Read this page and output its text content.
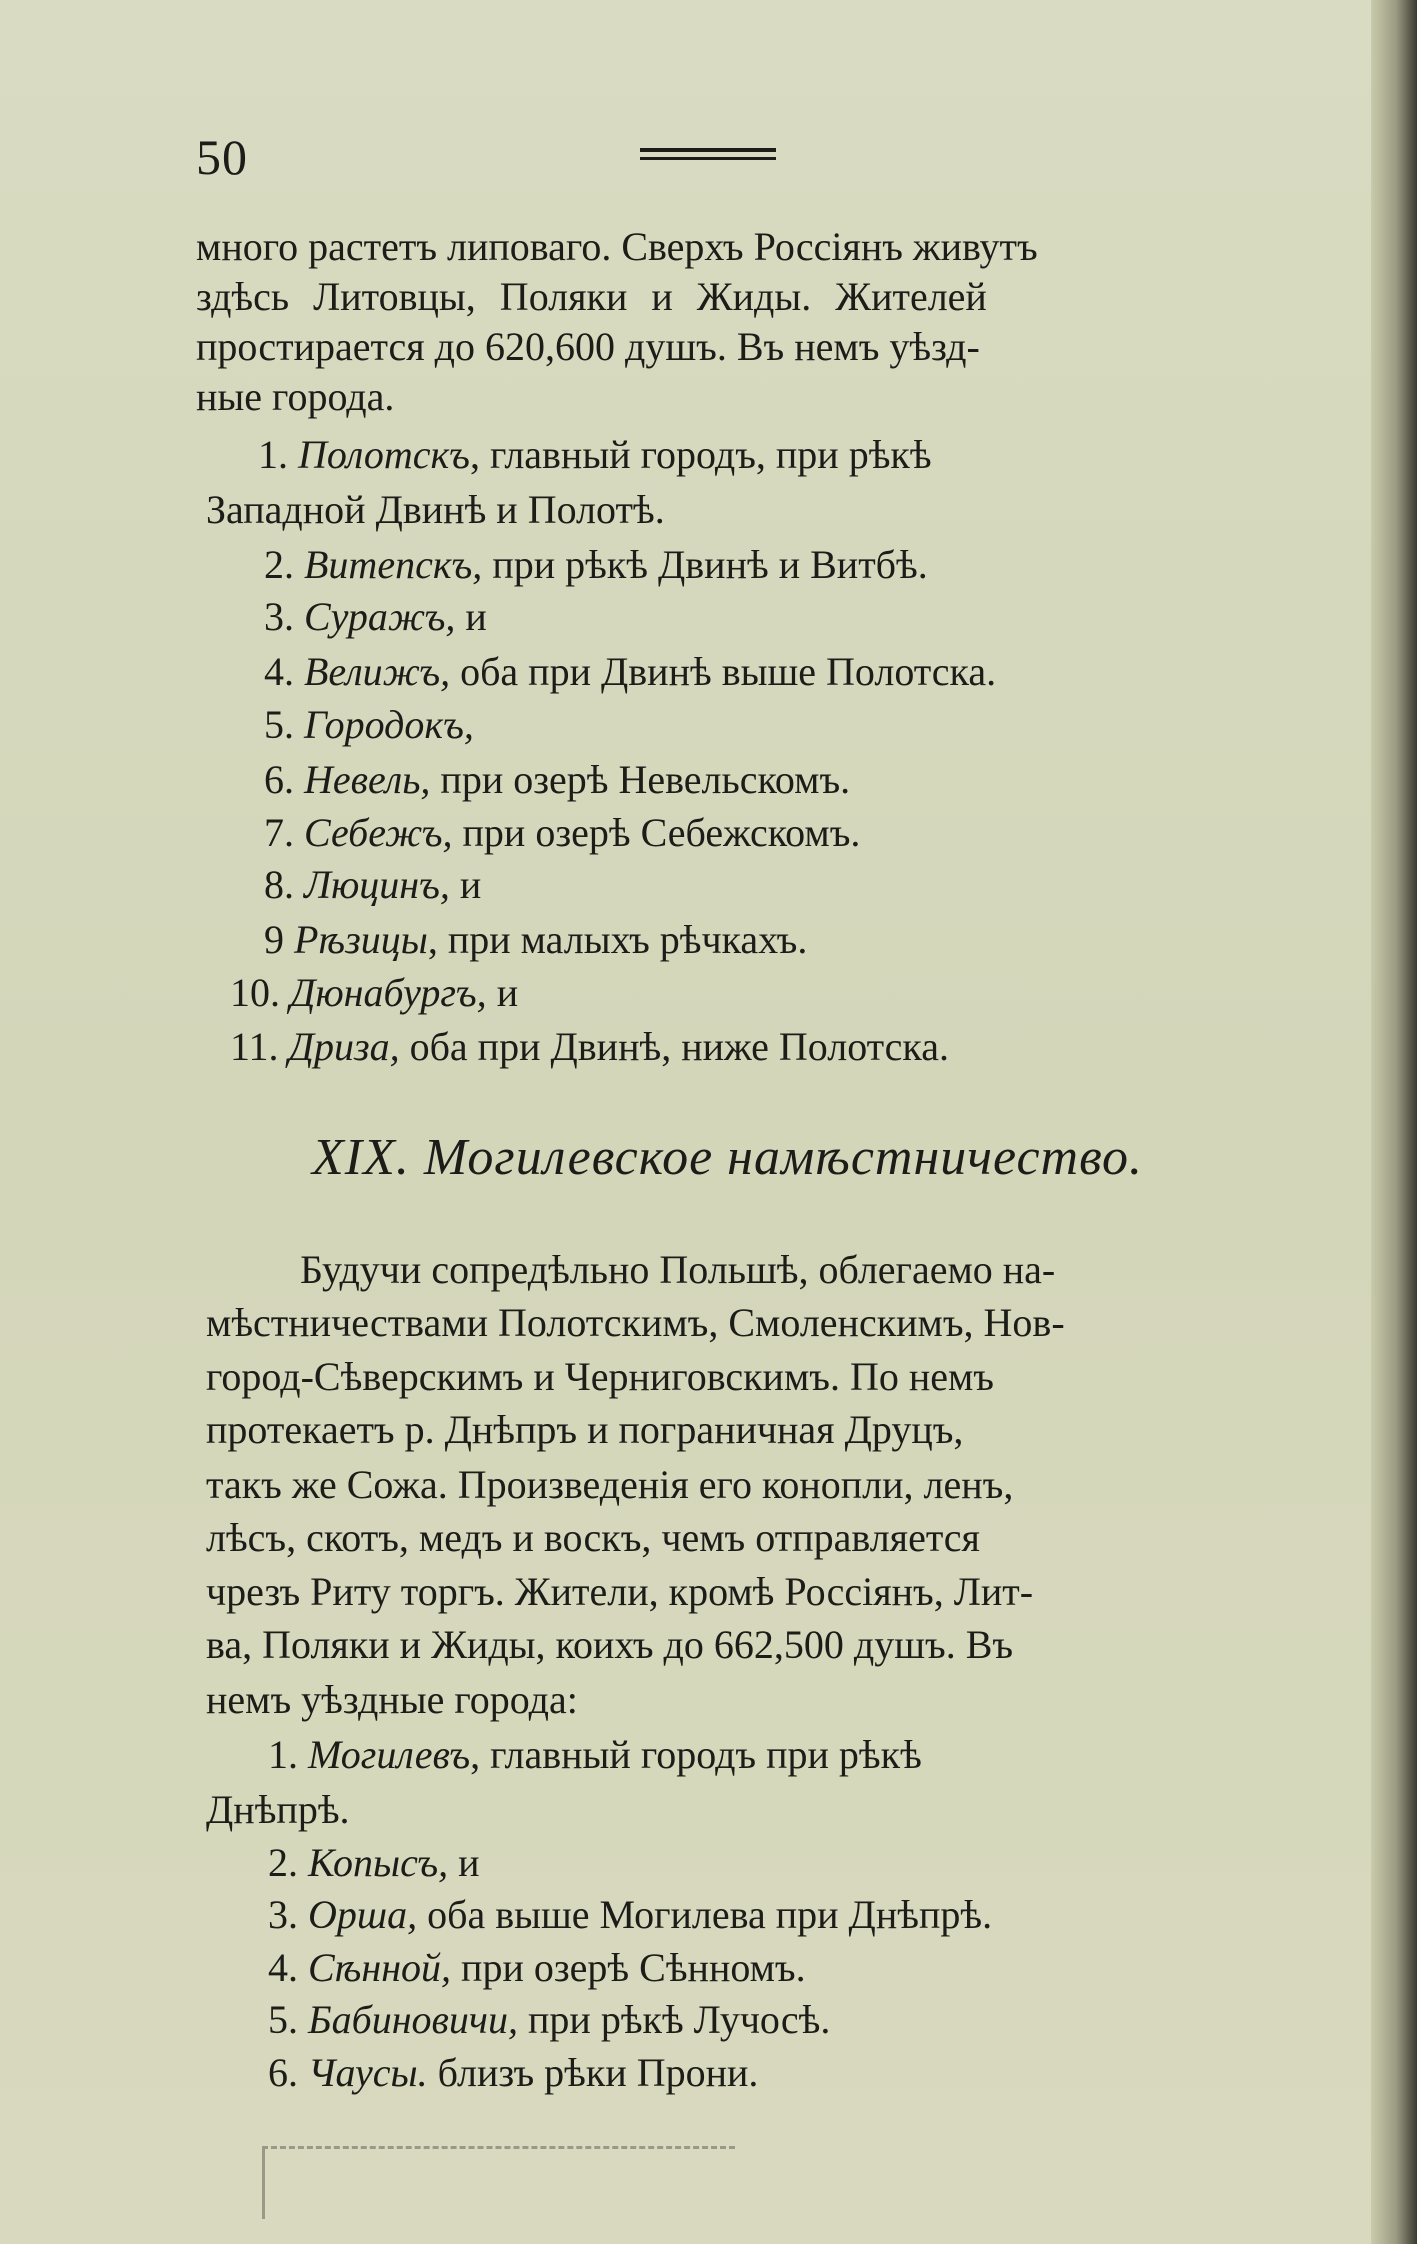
50
много растетъ липоваго. Сверхъ Россіянъ живутъ
здѣсь Литовцы, Поляки и Жиды. Жителей
простирается до 620,600 душъ. Въ немъ уѣзд-
ные города.
1. Полотскъ, главный городъ, при рѣкѣ
Западной Двинѣ и Полотѣ.
2. Витепскъ, при рѣкѣ Двинѣ и Витбѣ.
3. Суражъ, и
4. Велижъ, оба при Двинѣ выше Полотска.
5. Городокъ,
6. Невель, при озерѣ Невельскомъ.
7. Себежъ, при озерѣ Себежскомъ.
8. Люцинъ, и
9 Рѣзицы, при малыхъ рѣчкахъ.
10. Дюнабургъ, и
11. Дриза, оба при Двинѣ, ниже Полотска.
XIX. Могилевское намѣстничество.
Будучи сопредѣльно Польшѣ, облегаемо на-
мѣстничествами Полотскимъ, Смоленскимъ, Нов-
город-Сѣверскимъ и Черниговскимъ. По немъ
протекаетъ р. Днѣпръ и пограничная Друцъ,
такъ же Сожа. Произведенія его конопли, ленъ,
лѣсъ, скотъ, медъ и воскъ, чемъ отправляется
чрезъ Риту торгъ. Жители, кромѣ Россіянъ, Лит-
ва, Поляки и Жиды, коихъ до 662,500 душъ. Въ
немъ уѣздные города:
1. Могилевъ, главный городъ при рѣкѣ
Днѣпрѣ.
2. Копысъ, и
3. Орша, оба выше Могилева при Днѣпрѣ.
4. Сѣнной, при озерѣ Сѣнномъ.
5. Бабиновичи, при рѣкѣ Лучосѣ.
6. Чаусы. близъ рѣки Прони.
